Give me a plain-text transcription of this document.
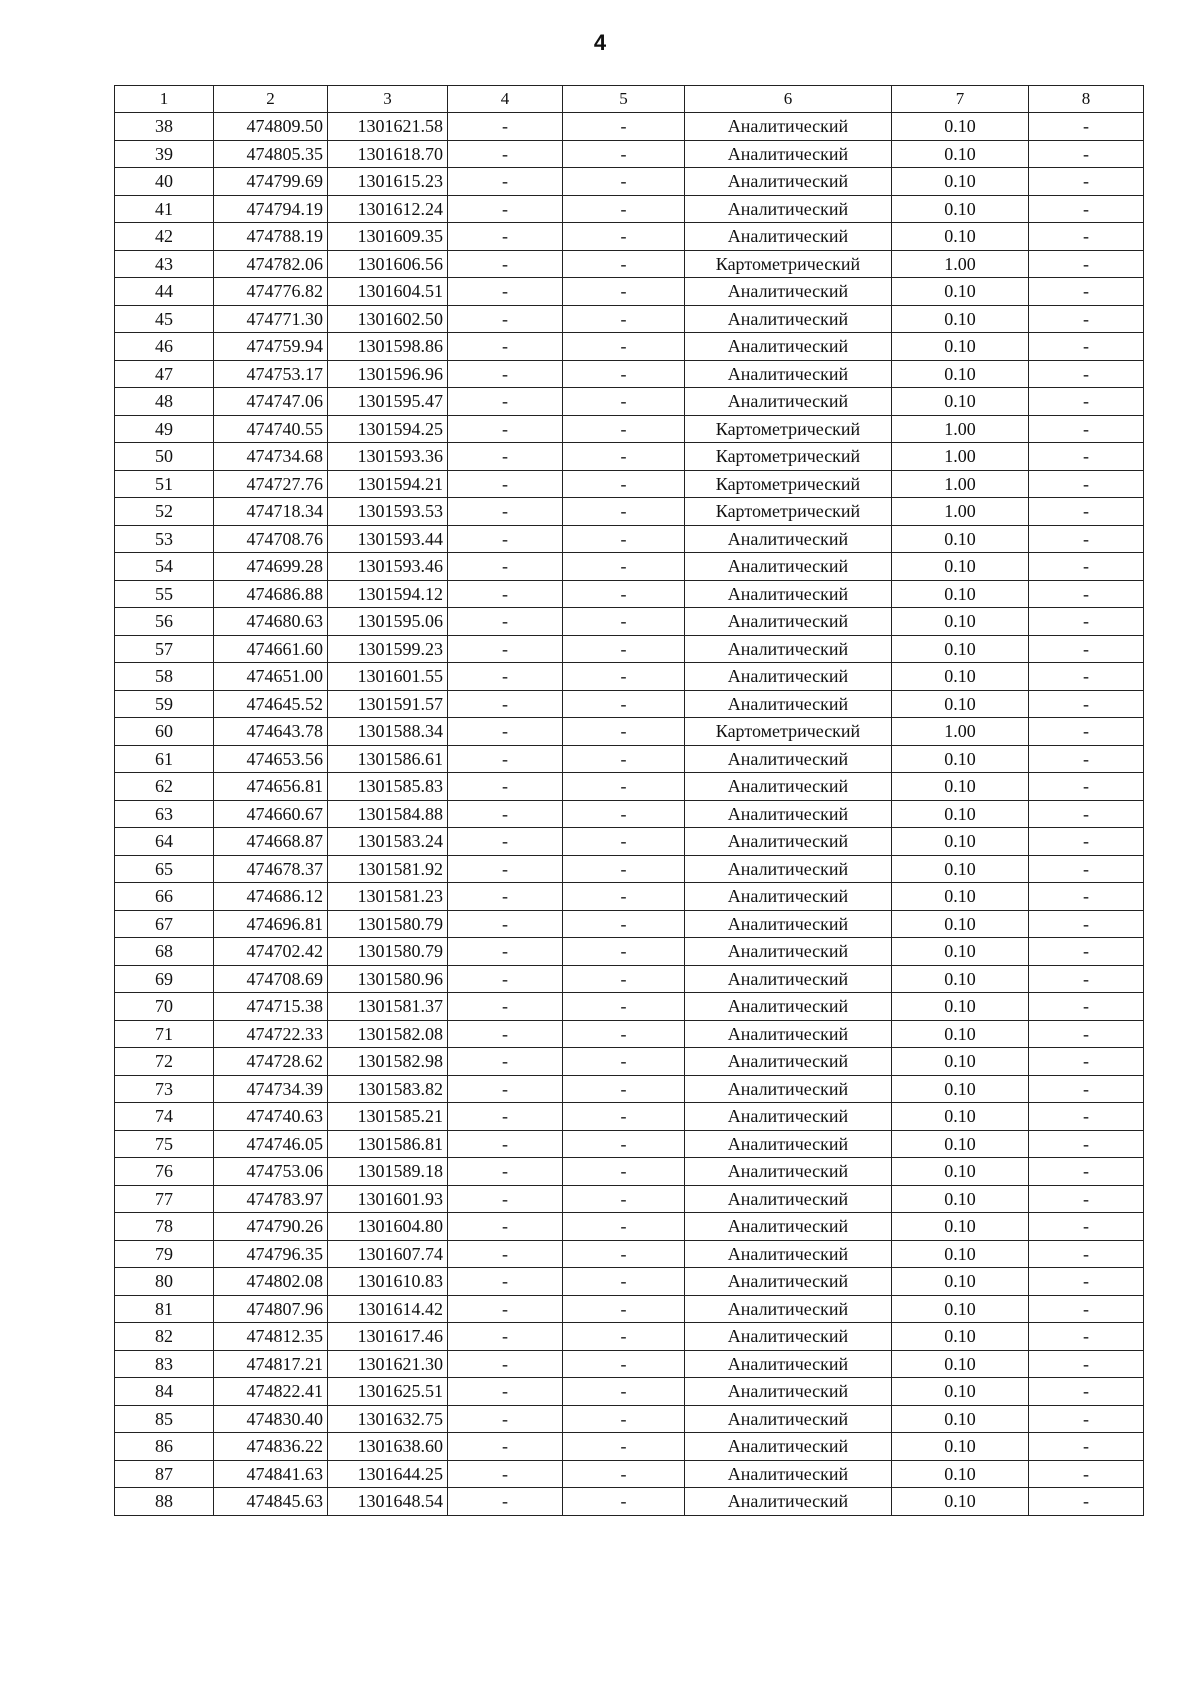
4
1	2	3	4	5	6	7	8
38	474809.50	1301621.58	-	-	Аналитический	0.10	-
39	474805.35	1301618.70	-	-	Аналитический	0.10	-
40	474799.69	1301615.23	-	-	Аналитический	0.10	-
41	474794.19	1301612.24	-	-	Аналитический	0.10	-
42	474788.19	1301609.35	-	-	Аналитический	0.10	-
43	474782.06	1301606.56	-	-	Картометрический	1.00	-
44	474776.82	1301604.51	-	-	Аналитический	0.10	-
45	474771.30	1301602.50	-	-	Аналитический	0.10	-
46	474759.94	1301598.86	-	-	Аналитический	0.10	-
47	474753.17	1301596.96	-	-	Аналитический	0.10	-
48	474747.06	1301595.47	-	-	Аналитический	0.10	-
49	474740.55	1301594.25	-	-	Картометрический	1.00	-
50	474734.68	1301593.36	-	-	Картометрический	1.00	-
51	474727.76	1301594.21	-	-	Картометрический	1.00	-
52	474718.34	1301593.53	-	-	Картометрический	1.00	-
53	474708.76	1301593.44	-	-	Аналитический	0.10	-
54	474699.28	1301593.46	-	-	Аналитический	0.10	-
55	474686.88	1301594.12	-	-	Аналитический	0.10	-
56	474680.63	1301595.06	-	-	Аналитический	0.10	-
57	474661.60	1301599.23	-	-	Аналитический	0.10	-
58	474651.00	1301601.55	-	-	Аналитический	0.10	-
59	474645.52	1301591.57	-	-	Аналитический	0.10	-
60	474643.78	1301588.34	-	-	Картометрический	1.00	-
61	474653.56	1301586.61	-	-	Аналитический	0.10	-
62	474656.81	1301585.83	-	-	Аналитический	0.10	-
63	474660.67	1301584.88	-	-	Аналитический	0.10	-
64	474668.87	1301583.24	-	-	Аналитический	0.10	-
65	474678.37	1301581.92	-	-	Аналитический	0.10	-
66	474686.12	1301581.23	-	-	Аналитический	0.10	-
67	474696.81	1301580.79	-	-	Аналитический	0.10	-
68	474702.42	1301580.79	-	-	Аналитический	0.10	-
69	474708.69	1301580.96	-	-	Аналитический	0.10	-
70	474715.38	1301581.37	-	-	Аналитический	0.10	-
71	474722.33	1301582.08	-	-	Аналитический	0.10	-
72	474728.62	1301582.98	-	-	Аналитический	0.10	-
73	474734.39	1301583.82	-	-	Аналитический	0.10	-
74	474740.63	1301585.21	-	-	Аналитический	0.10	-
75	474746.05	1301586.81	-	-	Аналитический	0.10	-
76	474753.06	1301589.18	-	-	Аналитический	0.10	-
77	474783.97	1301601.93	-	-	Аналитический	0.10	-
78	474790.26	1301604.80	-	-	Аналитический	0.10	-
79	474796.35	1301607.74	-	-	Аналитический	0.10	-
80	474802.08	1301610.83	-	-	Аналитический	0.10	-
81	474807.96	1301614.42	-	-	Аналитический	0.10	-
82	474812.35	1301617.46	-	-	Аналитический	0.10	-
83	474817.21	1301621.30	-	-	Аналитический	0.10	-
84	474822.41	1301625.51	-	-	Аналитический	0.10	-
85	474830.40	1301632.75	-	-	Аналитический	0.10	-
86	474836.22	1301638.60	-	-	Аналитический	0.10	-
87	474841.63	1301644.25	-	-	Аналитический	0.10	-
88	474845.63	1301648.54	-	-	Аналитический	0.10	-
